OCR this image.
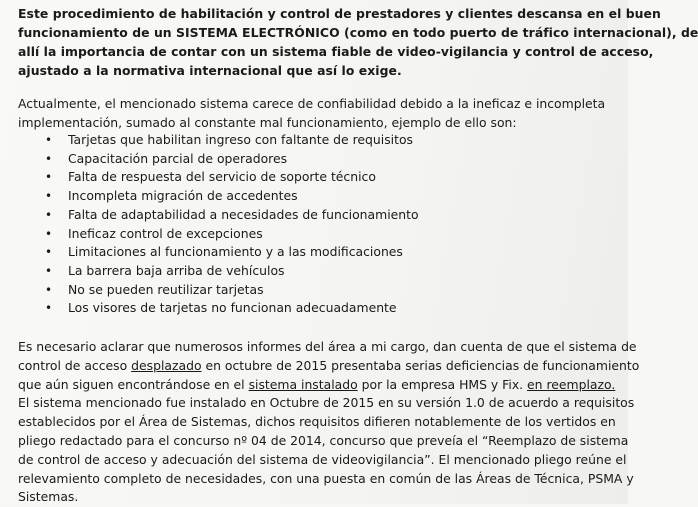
Este procedimiento de habilitación y control de prestadores y clientes descansa en el buen
funcionamiento de un SISTEMA ELECTRÓNICO (como en todo puerto de tráfico internacional), de
allí la importancia de contar con un sistema fiable de video-vigilancia y control de acceso,
ajustado a la normativa internacional que así lo exige.
Actualmente, el mencionado sistema carece de confiabilidad debido a la ineficaz e incompleta
implementación, sumado al constante mal funcionamiento, ejemplo de ello son:
• Tarjetas que habilitan ingreso con faltante de requisitos
• Capacitación parcial de operadores
• Falta de respuesta del servicio de soporte técnico
• Incompleta migración de accedentes
• Falta de adaptabilidad a necesidades de funcionamiento
• Ineficaz control de excepciones
• Limitaciones al funcionamiento y a las modificaciones
• La barrera baja arriba de vehículos
• No se pueden reutilizar tarjetas
• Los visores de tarjetas no funcionan adecuadamente
Es necesario aclarar que numerosos informes del área a mi cargo, dan cuenta de que el sistema de
control de acceso desplazado en octubre de 2015 presentaba serias deficiencias de funcionamiento
que aún siguen encontrándose en el sistema instalado por la empresa HMS y Fix. en reemplazo.
El sistema mencionado fue instalado en Octubre de 2015 en su versión 1.0 de acuerdo a requisitos
establecidos por el Área de Sistemas, dichos requisitos difieren notablemente de los vertidos en
pliego redactado para el concurso nº 04 de 2014, concurso que preveía el “Reemplazo de sistema
de control de acceso y adecuación del sistema de videovigilancia”. El mencionado pliego reúne el
relevamiento completo de necesidades, con una puesta en común de las Áreas de Técnica, PSMA y
Sistemas.
